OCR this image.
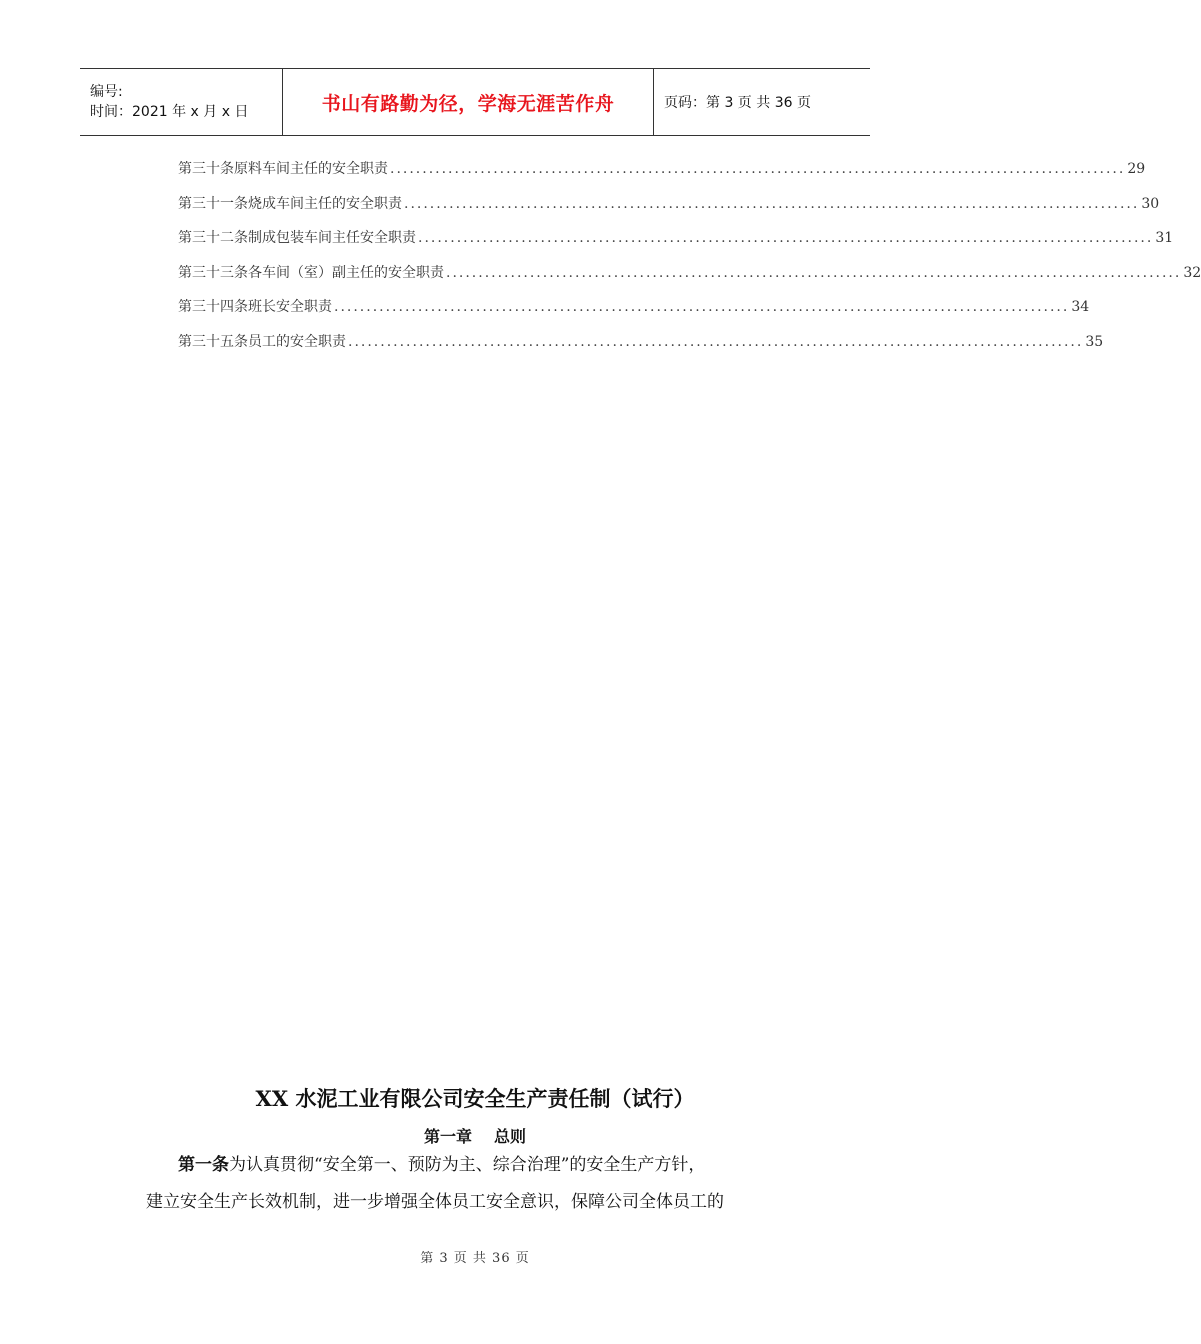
编号:
时间：2021 年 x 月 x 日	书山有路勤为径，学海无涯苦作舟	页码：第 3 页 共 36 页
第三十条原料车间主任的安全职责 .................................................................................................................. 29
第三十一条烧成车间主任的安全职责 .................................................................................................................. 30
第三十二条制成包装车间主任安全职责 .................................................................................................................. 31
第三十三条各车间（室）副主任的安全职责 .................................................................................................................. 32
第三十四条班长安全职责 .................................................................................................................. 34
第三十五条员工的安全职责 .................................................................................................................. 35
XX 水泥工业有限公司安全生产责任制（试行）
第一章 总则
第一条为认真贯彻“安全第一、预防为主、综合治理”的安全生产方针，
建立安全生产长效机制，进一步增强全体员工安全意识，保障公司全体员工的
第 3 页 共 36 页
